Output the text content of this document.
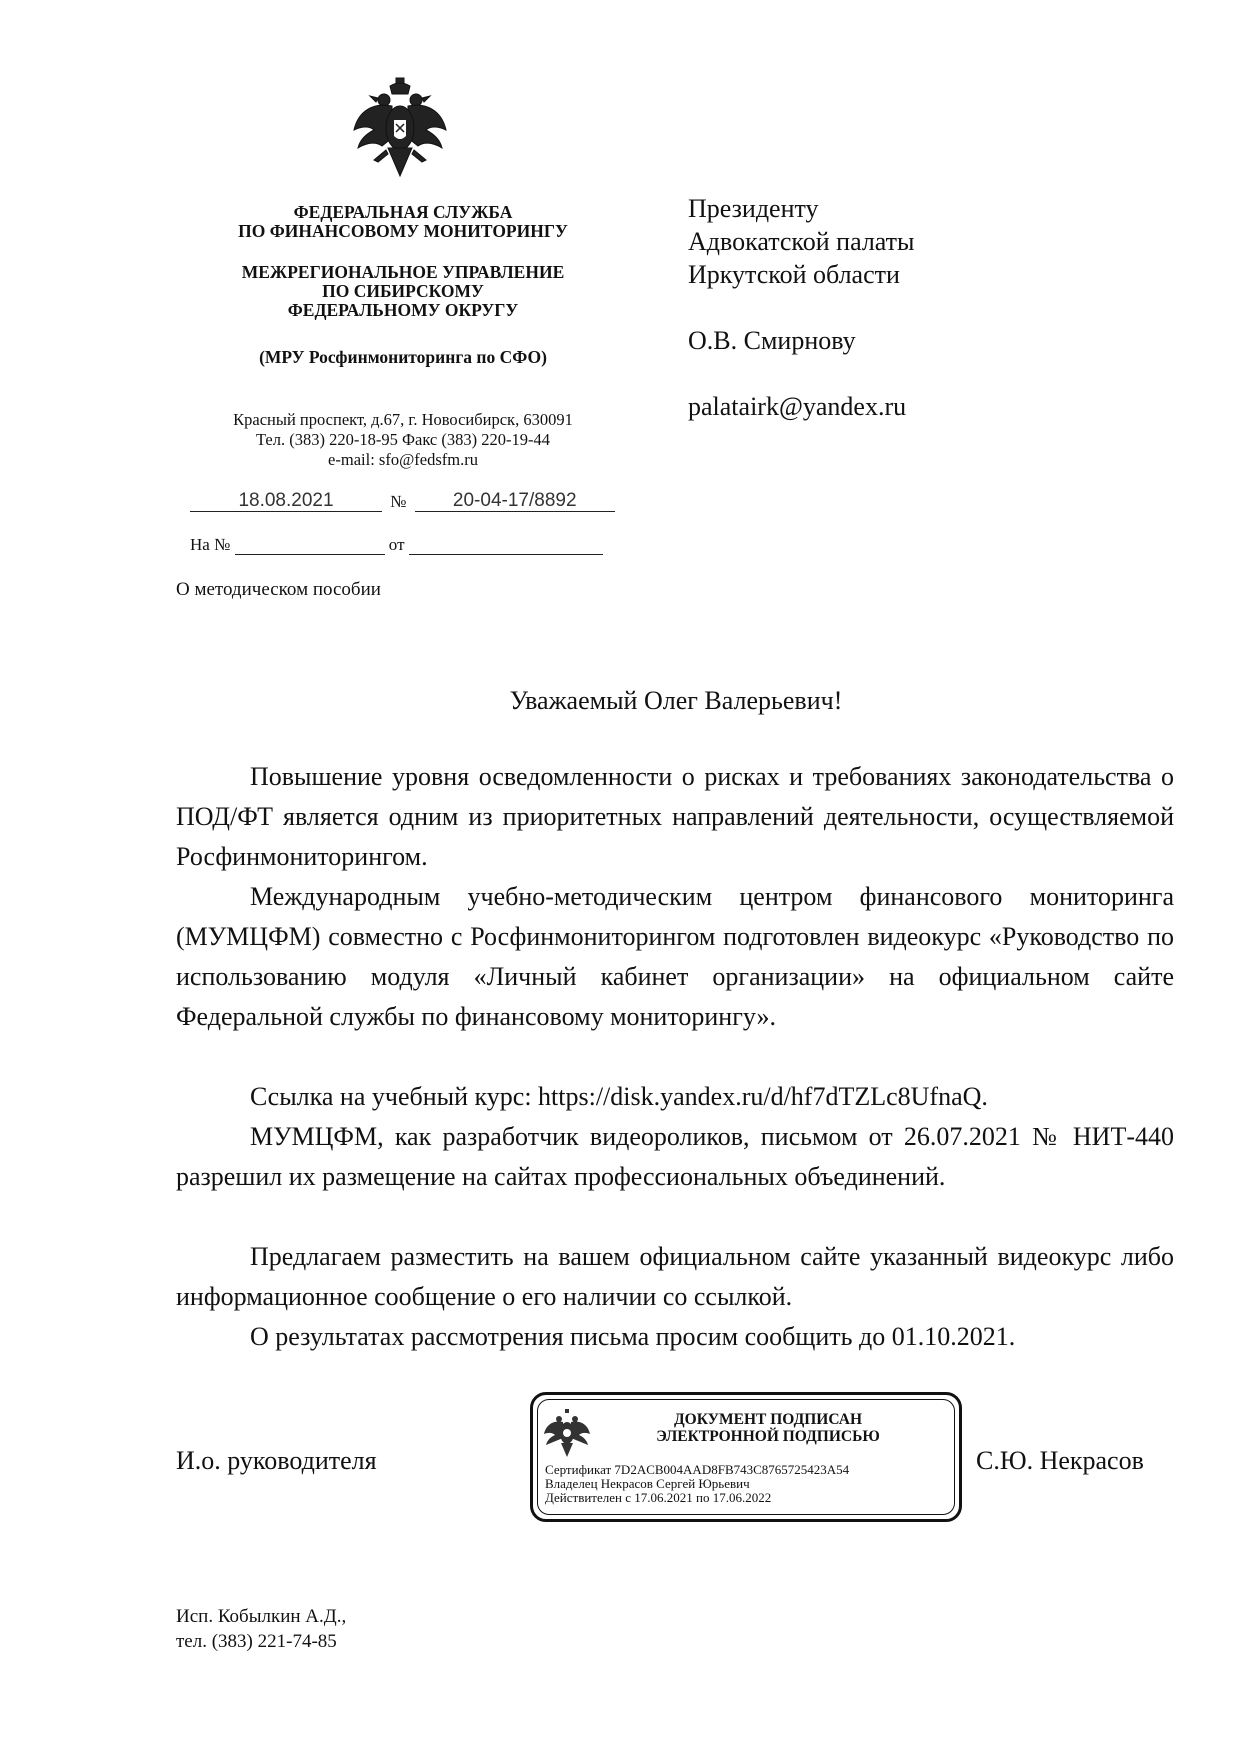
ФЕДЕРАЛЬНАЯ СЛУЖБА
ПО ФИНАНСОВОМУ МОНИТОРИНГУ
МЕЖРЕГИОНАЛЬНОЕ УПРАВЛЕНИЕ
ПО СИБИРСКОМУ
ФЕДЕРАЛЬНОМУ ОКРУГУ
(МРУ Росфинмониторинга по СФО)
Красный проспект, д.67, г. Новосибирск, 630091
Тел. (383) 220-18-95 Факс (383) 220-19-44
e-mail: sfo@fedsfm.ru
18.08.2021	№ 20-04-17/8892
На №	от
О методическом пособии
Президенту
Адвокатской палаты
Иркутской области
О.В. Смирнову
palatairk@yandex.ru
Уважаемый Олег Валерьевич!

Повышение уровня осведомленности о рисках и требованиях законодательства о ПОД/ФТ является одним из приоритетных направлений деятельности, осуществляемой Росфинмониторингом.

Международным учебно-методическим центром финансового мониторинга (МУМЦФМ) совместно с Росфинмониторингом подготовлен видеокурс «Руководство по использованию модуля «Личный кабинет организации» на официальном сайте Федеральной службы по финансовому мониторингу».

Ссылка на учебный курс: https://disk.yandex.ru/d/hf7dTZLc8UfnaQ.

МУМЦФМ, как разработчик видеороликов, письмом от 26.07.2021 № НИТ-440 разрешил их размещение на сайтах профессиональных объединений.

Предлагаем разместить на вашем официальном сайте указанный видеокурс либо информационное сообщение о его наличии со ссылкой.

О результатах рассмотрения письма просим сообщить до 01.10.2021.

И.о. руководителя
ДОКУМЕНТ ПОДПИСАН
ЭЛЕКТРОННОЙ ПОДПИСЬЮ
Сертификат 7D2ACB004AAD8FB743C8765725423A54
Владелец Некрасов Сергей Юрьевич
Действителен с 17.06.2021 по 17.06.2022
С.Ю. Некрасов
Исп. Кобылкин А.Д.,
тел. (383) 221-74-85
